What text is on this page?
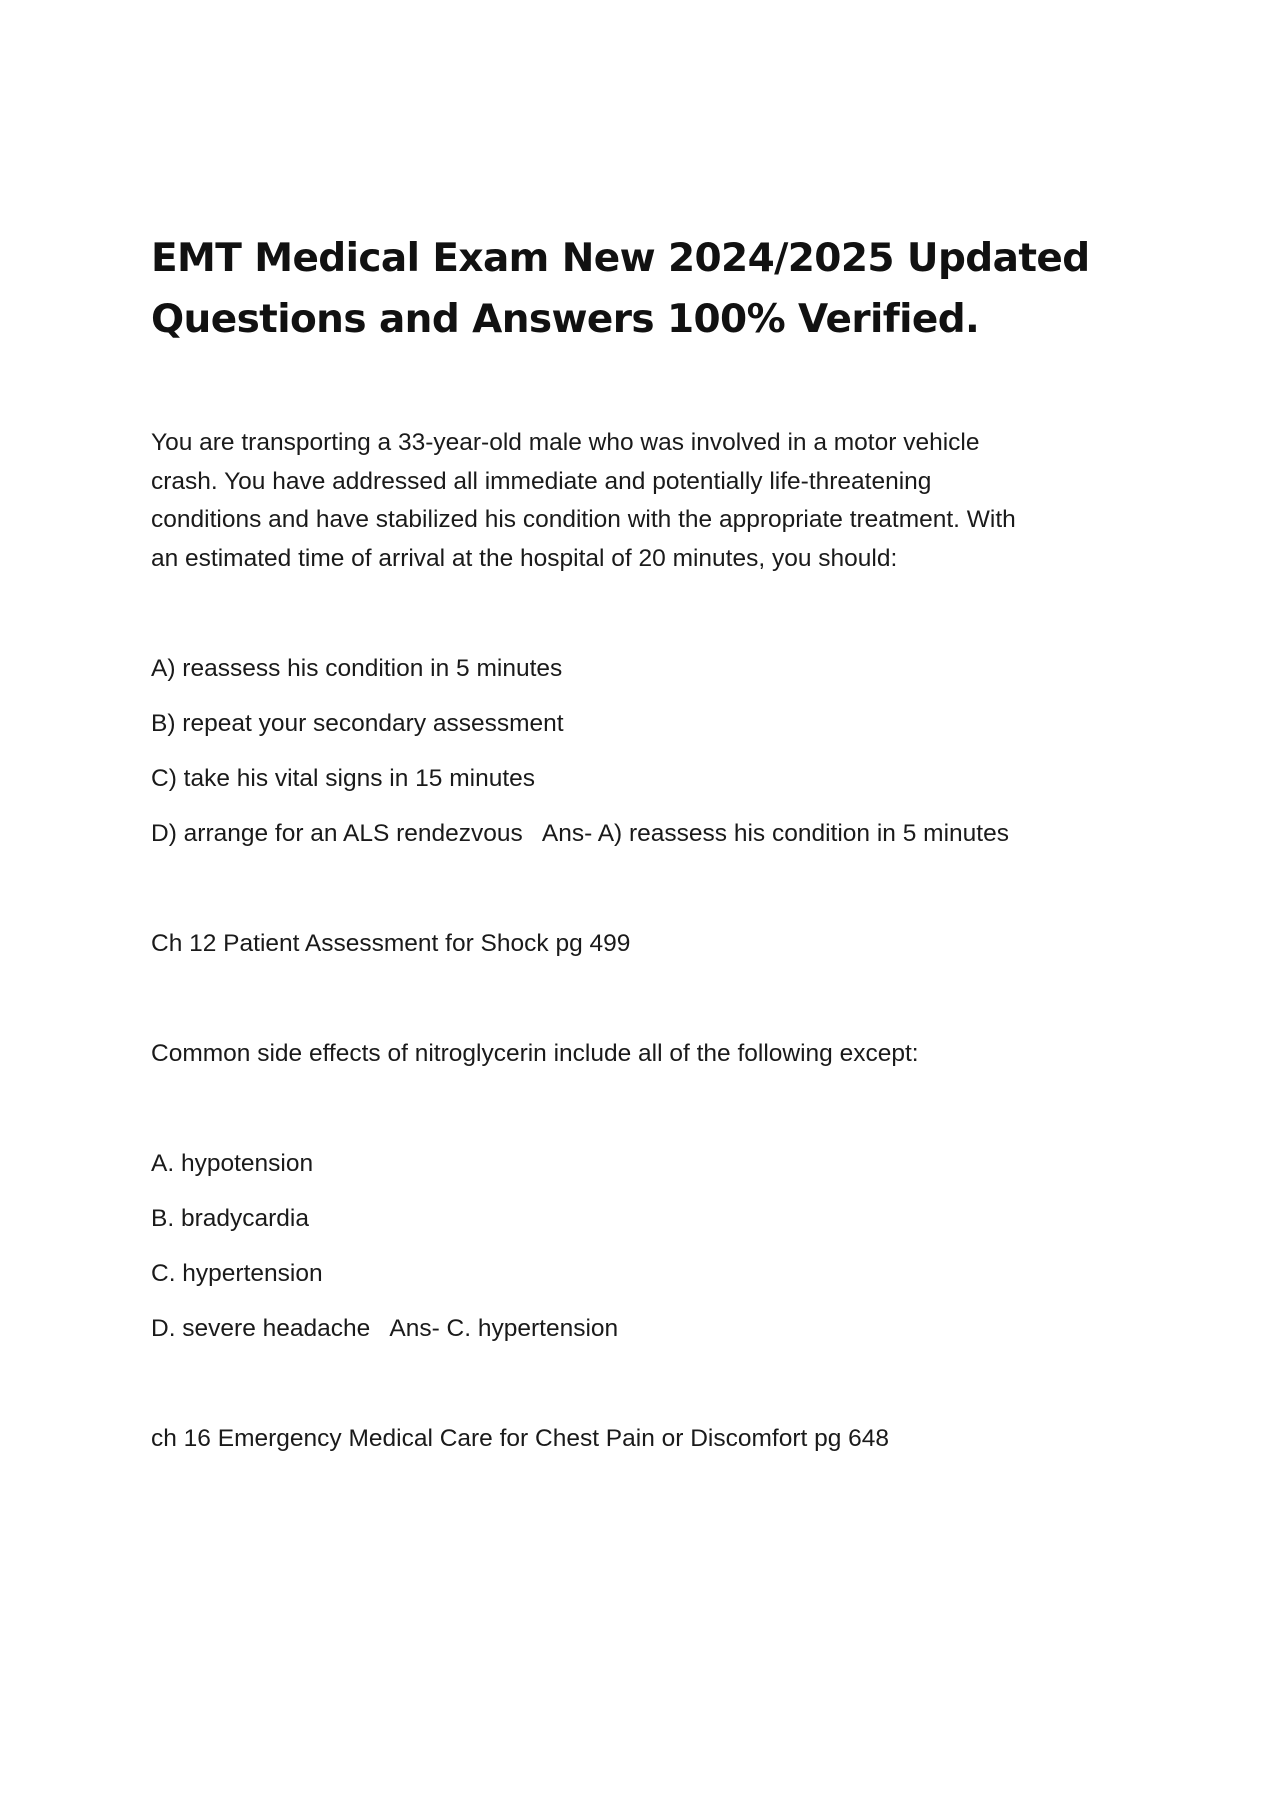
EMT Medical Exam New 2024/2025 Updated
Questions and Answers 100% Verified.

You are transporting a 33-year-old male who was involved in a motor vehicle
crash. You have addressed all immediate and potentially life-threatening
conditions and have stabilized his condition with the appropriate treatment. With
an estimated time of arrival at the hospital of 20 minutes, you should:

A) reassess his condition in 5 minutes

B) repeat your secondary assessment

C) take his vital signs in 15 minutes

D) arrange for an ALS rendezvous Ans- A) reassess his condition in 5 minutes

Ch 12 Patient Assessment for Shock pg 499

Common side effects of nitroglycerin include all of the following except:

A. hypotension

B. bradycardia

C. hypertension

D. severe headache Ans- C. hypertension

ch 16 Emergency Medical Care for Chest Pain or Discomfort pg 648
